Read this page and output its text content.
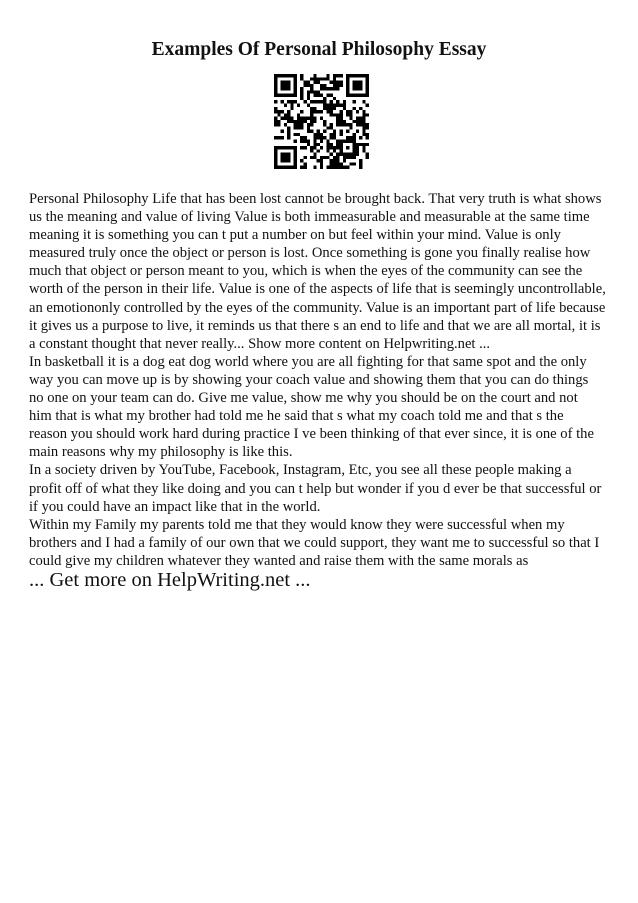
Examples Of Personal Philosophy Essay
Personal Philosophy Life that has been lost cannot be brought back. That very truth is what shows
us the meaning and value of living Value is both immeasurable and measurable at the same time
meaning it is something you can t put a number on but feel within your mind. Value is only
measured truly once the object or person is lost. Once something is gone you finally realise how
much that object or person meant to you, which is when the eyes of the community can see the
worth of the person in their life. Value is one of the aspects of life that is seemingly uncontrollable,
an emotiononly controlled by the eyes of the community. Value is an important part of life because
it gives us a purpose to live, it reminds us that there s an end to life and that we are all mortal, it is
a constant thought that never really... Show more content on Helpwriting.net ...
In basketball it is a dog eat dog world where you are all fighting for that same spot and the only
way you can move up is by showing your coach value and showing them that you can do things
no one on your team can do. Give me value, show me why you should be on the court and not
him that is what my brother had told me he said that s what my coach told me and that s the
reason you should work hard during practice I ve been thinking of that ever since, it is one of the
main reasons why my philosophy is like this.
In a society driven by YouTube, Facebook, Instagram, Etc, you see all these people making a
profit off of what they like doing and you can t help but wonder if you d ever be that successful or
if you could have an impact like that in the world.
Within my Family my parents told me that they would know they were successful when my
brothers and I had a family of our own that we could support, they want me to successful so that I
could give my children whatever they wanted and raise them with the same morals as
... Get more on HelpWriting.net ...
